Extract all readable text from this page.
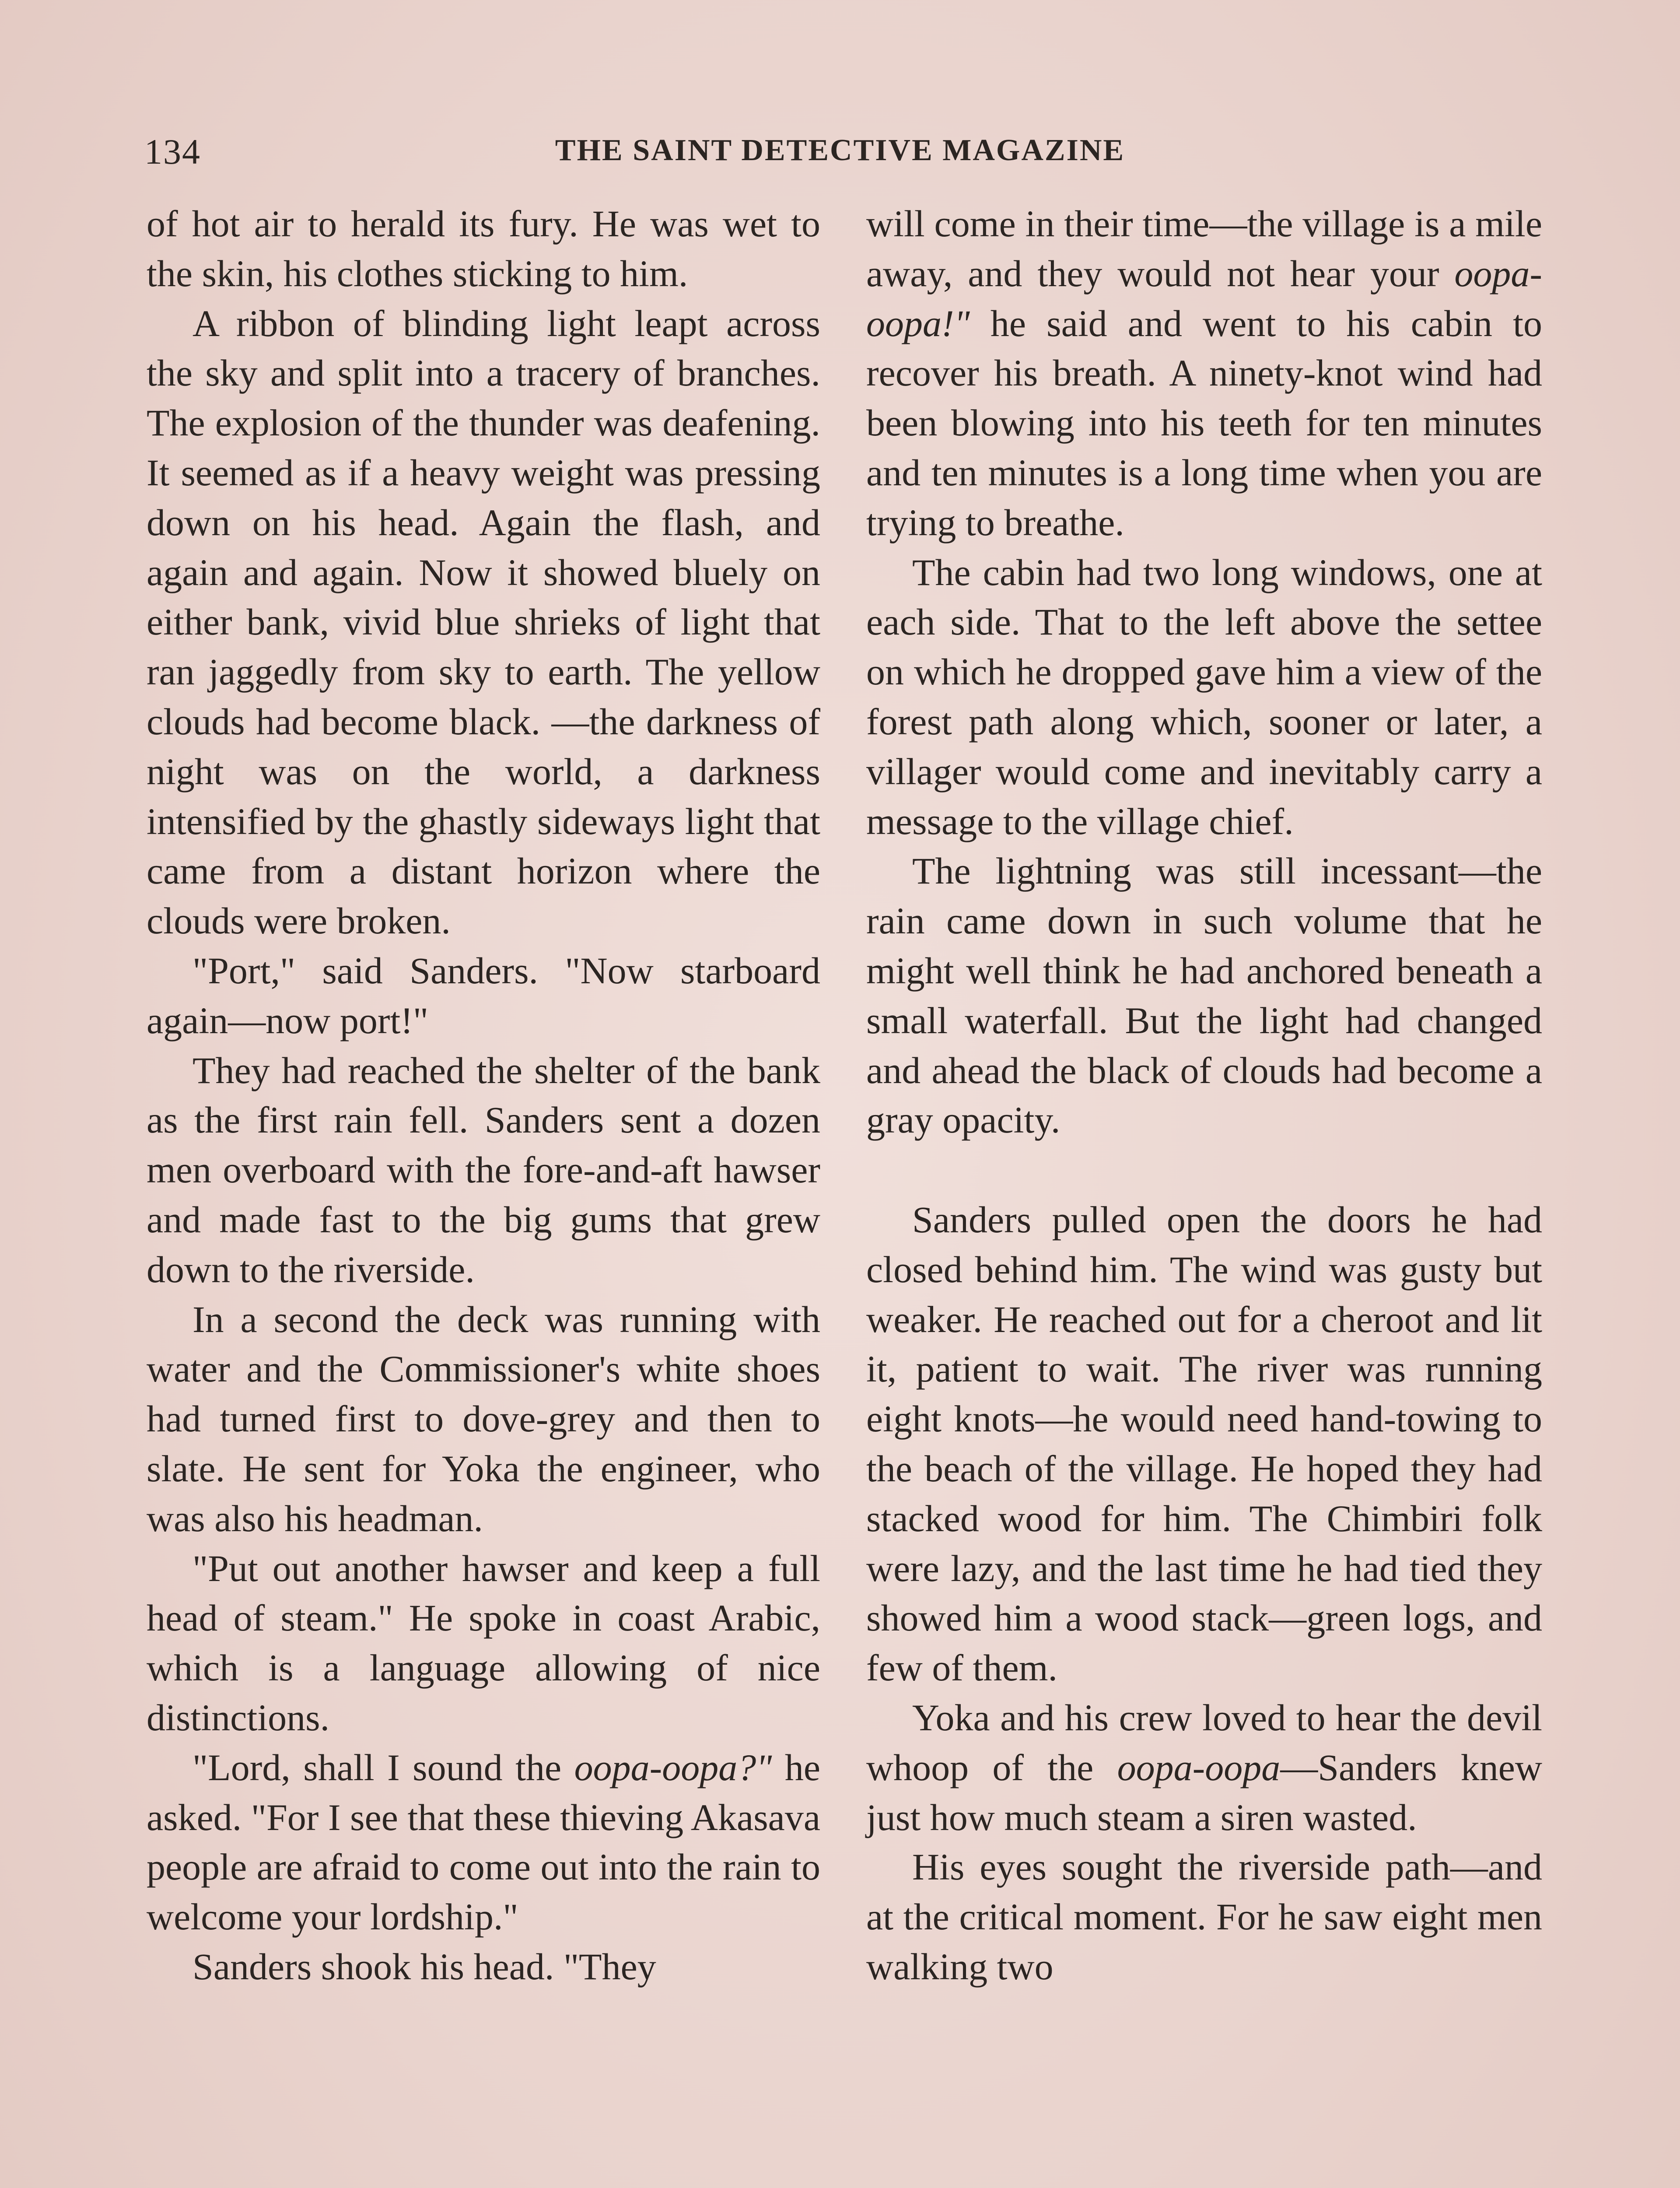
134	THE SAINT DETECTIVE MAGAZINE

of hot air to herald its fury. He was wet to the skin, his clothes sticking to him.

A ribbon of blinding light leapt across the sky and split into a tracery of branches. The explosion of the thunder was deafening. It seemed as if a heavy weight was pressing down on his head. Again the flash, and again and again. Now it showed bluely on either bank, vivid blue shrieks of light that ran jaggedly from sky to earth. The yellow clouds had become black. —the darkness of night was on the world, a darkness intensified by the ghastly sideways light that came from a distant horizon where the clouds were broken.

"Port," said Sanders. "Now starboard again—now port!"

They had reached the shelter of the bank as the first rain fell. Sanders sent a dozen men overboard with the fore-and-aft hawser and made fast to the big gums that grew down to the riverside.

In a second the deck was running with water and the Commissioner's white shoes had turned first to dove-grey and then to slate. He sent for Yoka the engineer, who was also his headman.

"Put out another hawser and keep a full head of steam." He spoke in coast Arabic, which is a language allowing of nice distinctions.

"Lord, shall I sound the oopa-oopa?" he asked. "For I see that these thieving Akasava people are afraid to come out into the rain to welcome your lordship."

Sanders shook his head. "They

will come in their time—the village is a mile away, and they would not hear your oopa-oopa!" he said and went to his cabin to recover his breath. A ninety-knot wind had been blowing into his teeth for ten minutes and ten minutes is a long time when you are trying to breathe.

The cabin had two long windows, one at each side. That to the left above the settee on which he dropped gave him a view of the forest path along which, sooner or later, a villager would come and inevitably carry a message to the village chief.

The lightning was still incessant—the rain came down in such volume that he might well think he had anchored beneath a small waterfall. But the light had changed and ahead the black of clouds had become a gray opacity.

Sanders pulled open the doors he had closed behind him. The wind was gusty but weaker. He reached out for a cheroot and lit it, patient to wait. The river was running eight knots—he would need hand-towing to the beach of the village. He hoped they had stacked wood for him. The Chimbiri folk were lazy, and the last time he had tied they showed him a wood stack—green logs, and few of them.

Yoka and his crew loved to hear the devil whoop of the oopa-oopa—Sanders knew just how much steam a siren wasted.

His eyes sought the riverside path—and at the critical moment. For he saw eight men walking two
